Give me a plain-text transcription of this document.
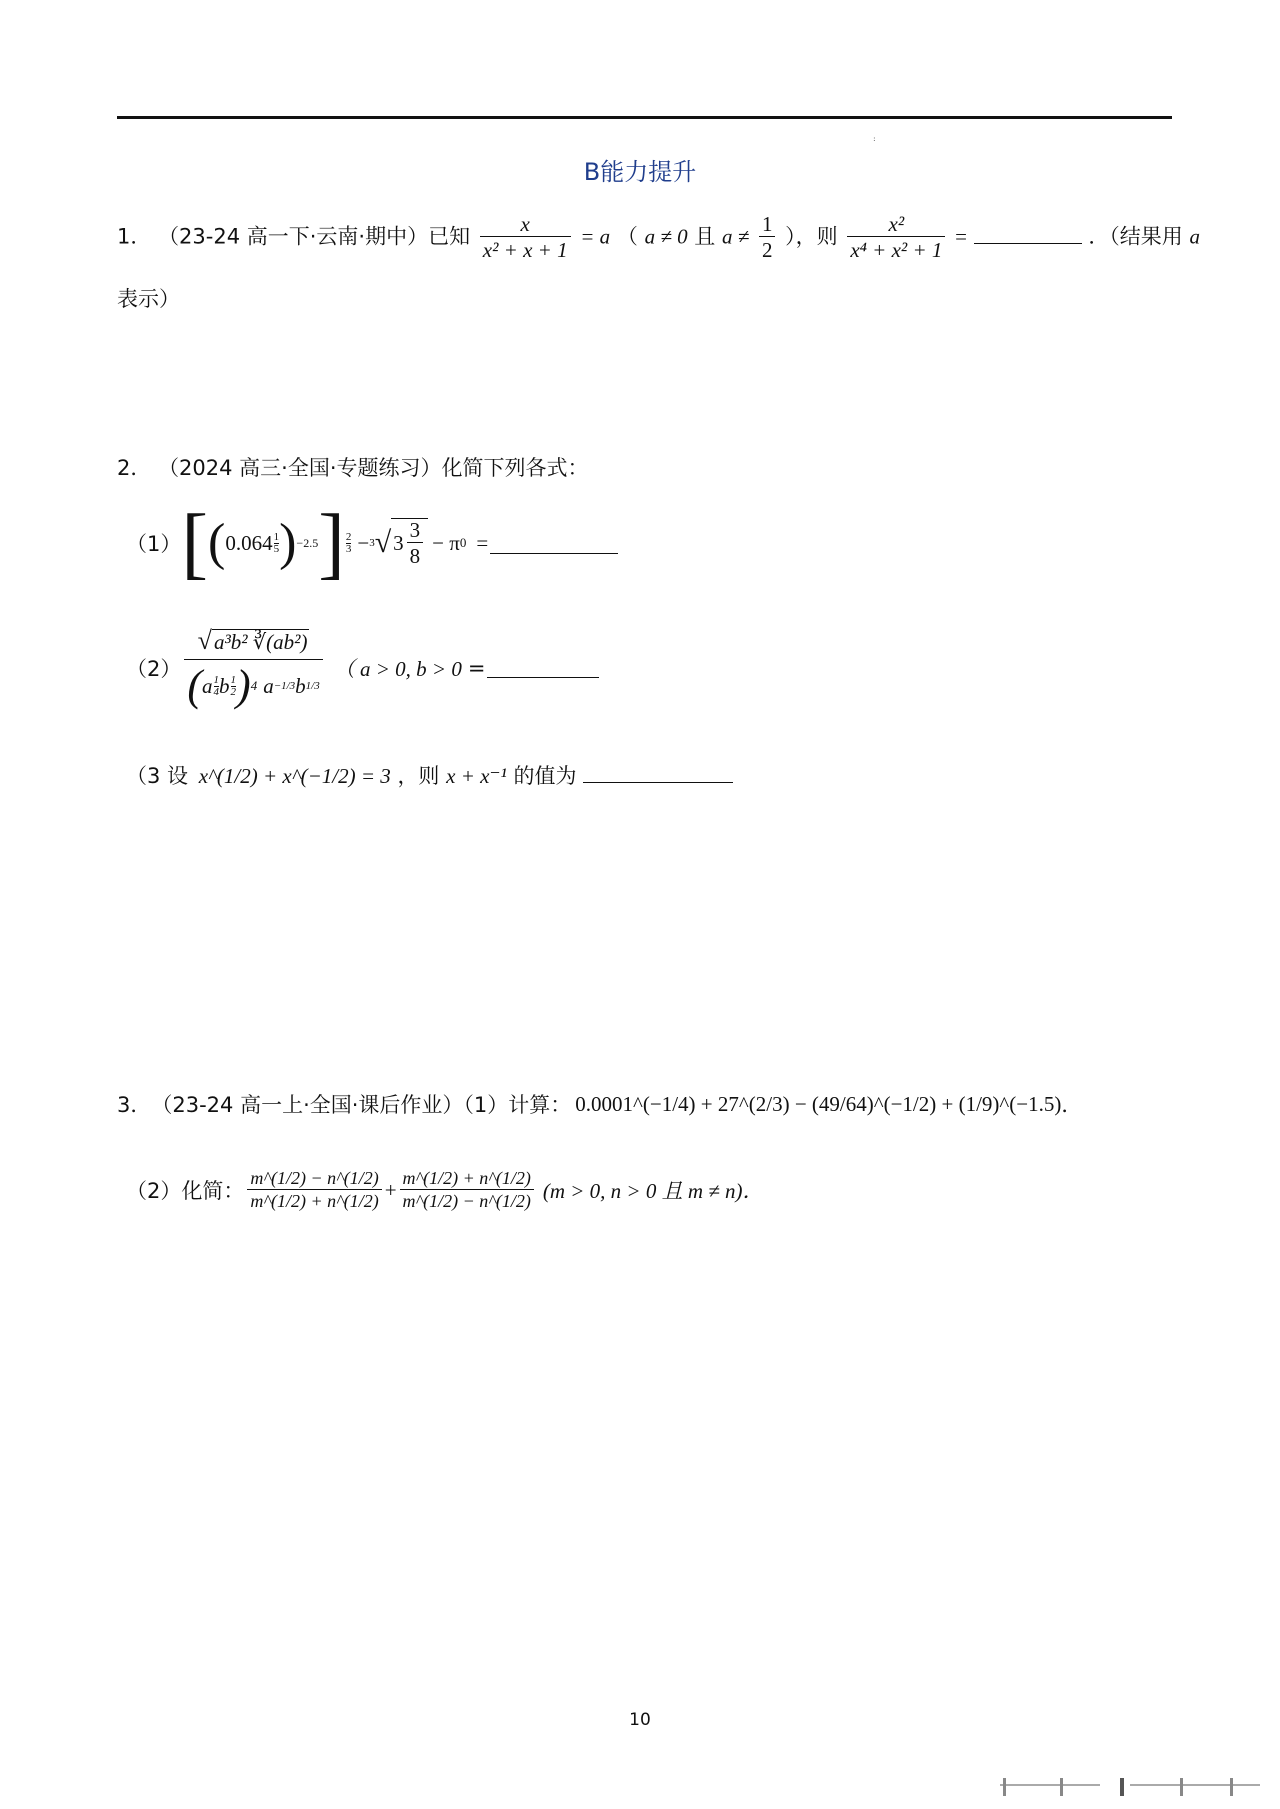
:
B能力提升
1． （23-24 高一下·云南·期中）已知 $\frac{x}{\text{x² + x + 1}} = a$ （ a ≠ 0 且 $a \ne \frac{1}{2}$ ），则 $\frac{\text{x²}}{\text{x⁴ + x² + 1}}$ =	．（结果用 a
表示）
2． （2024 高三·全国·专题练习）化简下列各式：
（1） [ ( $0.064 \frac{1}{5}$ ) −2.5 ] $\frac{2}{3} - 3$ √ $3 \frac{3}{8} - \pi$ 0 =
（2）
√a³b² ∛(ab²)
( a $\frac{1}{4}$ b $\frac{1}{2}$ ) 4 a −1/3 b 1/3
（ a > 0, b > 0 =
（3 设 x^(1/2) + x^(−1/2) = 3 ，则 x + x⁻¹ 的值为
3． （23-24 高一上·全国·课后作业）（1）计算： 0.0001^(−1/4) + 27^(2/3) − (49/64)^(−1/2) + (1/9)^(−1.5) ．
（2）化简： $\frac{m\^{}(1/2) - n\^{}(1/2)}{m\^{}(1/2) + n\^{}(1/2)} + \frac{m\^{}(1/2) + n\^{}(1/2)}{m\^{}(1/2) - n\^{}(1/2)} (m > 0$, n > 0 且 m ≠ n)．
10
